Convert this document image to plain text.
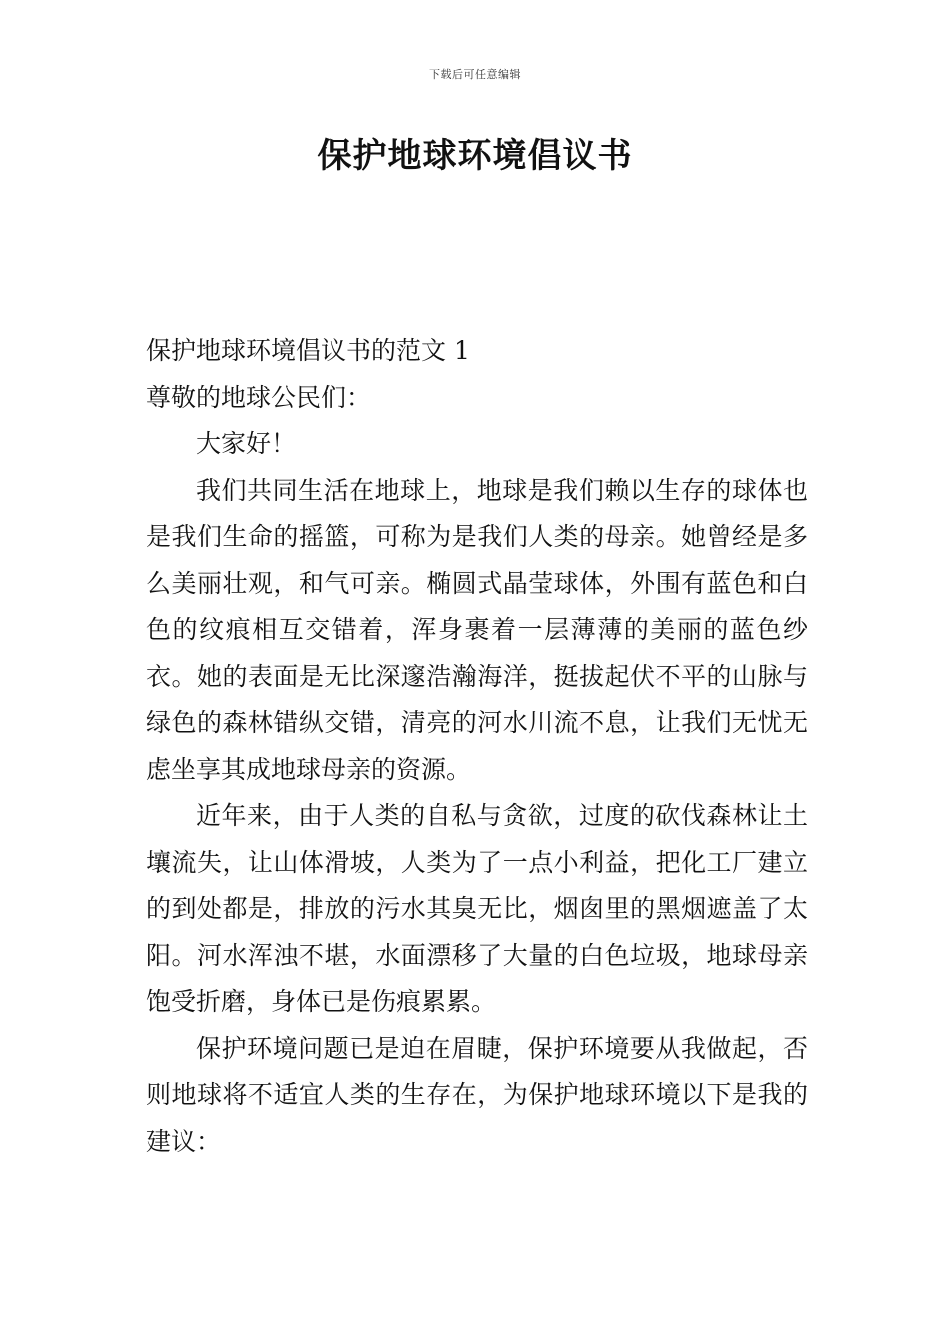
下载后可任意编辑
保护地球环境倡议书

保护地球环境倡议书的范文 1

尊敬的地球公民们：

大家好！

我们共同生活在地球上，地球是我们赖以生存的球体也是我们生命的摇篮，可称为是我们人类的母亲。她曾经是多么美丽壮观，和气可亲。椭圆式晶莹球体，外围有蓝色和白色的纹痕相互交错着，浑身裹着一层薄薄的美丽的蓝色纱衣。她的表面是无比深邃浩瀚海洋，挺拔起伏不平的山脉与绿色的森林错纵交错，清亮的河水川流不息，让我们无忧无虑坐享其成地球母亲的资源。

近年来，由于人类的自私与贪欲，过度的砍伐森林让土壤流失，让山体滑坡，人类为了一点小利益，把化工厂建立的到处都是，排放的污水其臭无比，烟囱里的黑烟遮盖了太阳。河水浑浊不堪，水面漂移了大量的白色垃圾，地球母亲饱受折磨，身体已是伤痕累累。

保护环境问题已是迫在眉睫，保护环境要从我做起，否则地球将不适宜人类的生存在，为保护地球环境以下是我的建议：
